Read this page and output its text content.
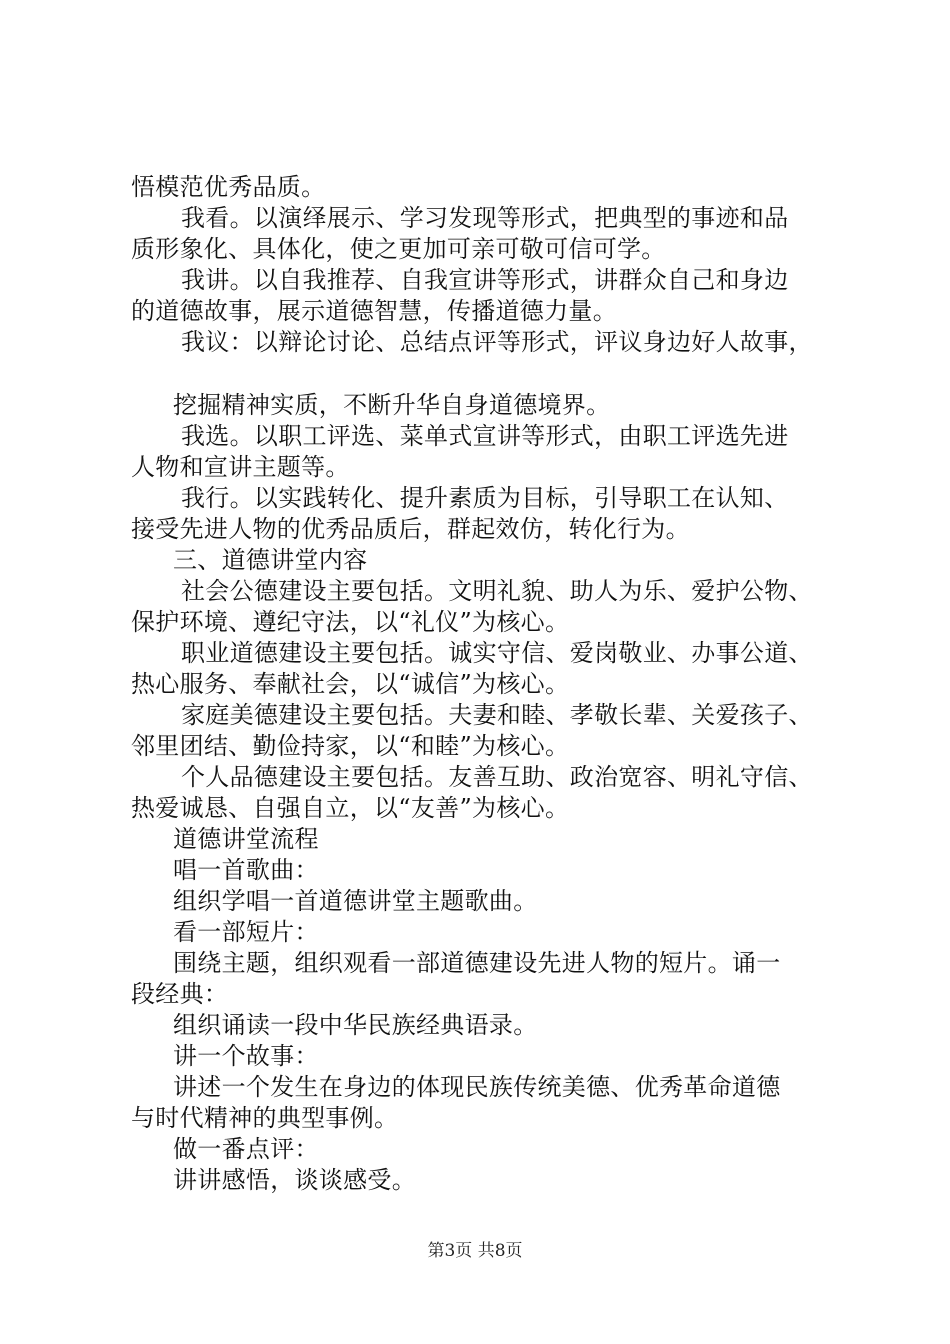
悟模范优秀品质。
我看。以演绎展示、学习发现等形式，把典型的事迹和品
质形象化、具体化，使之更加可亲可敬可信可学。
我讲。以自我推荐、自我宣讲等形式，讲群众自己和身边
的道德故事，展示道德智慧，传播道德力量。
我议：以辩论讨论、总结点评等形式，评议身边好人故事，
挖掘精神实质，不断升华自身道德境界。
我选。以职工评选、菜单式宣讲等形式，由职工评选先进
人物和宣讲主题等。
我行。以实践转化、提升素质为目标，引导职工在认知、
接受先进人物的优秀品质后，群起效仿，转化行为。
三、道德讲堂内容
社会公德建设主要包括。文明礼貌、助人为乐、爱护公物、
保护环境、遵纪守法，以“礼仪”为核心。
职业道德建设主要包括。诚实守信、爱岗敬业、办事公道、
热心服务、奉献社会，以“诚信”为核心。
家庭美德建设主要包括。夫妻和睦、孝敬长辈、关爱孩子、
邻里团结、勤俭持家，以“和睦”为核心。
个人品德建设主要包括。友善互助、政治宽容、明礼守信、
热爱诚恳、自强自立，以“友善”为核心。
道德讲堂流程
唱一首歌曲：
组织学唱一首道德讲堂主题歌曲。
看一部短片：
围绕主题，组织观看一部道德建设先进人物的短片。诵一
段经典：
组织诵读一段中华民族经典语录。
讲一个故事：
讲述一个发生在身边的体现民族传统美德、优秀革命道德
与时代精神的典型事例。
做一番点评：
讲讲感悟，谈谈感受。
第3页 共8页
